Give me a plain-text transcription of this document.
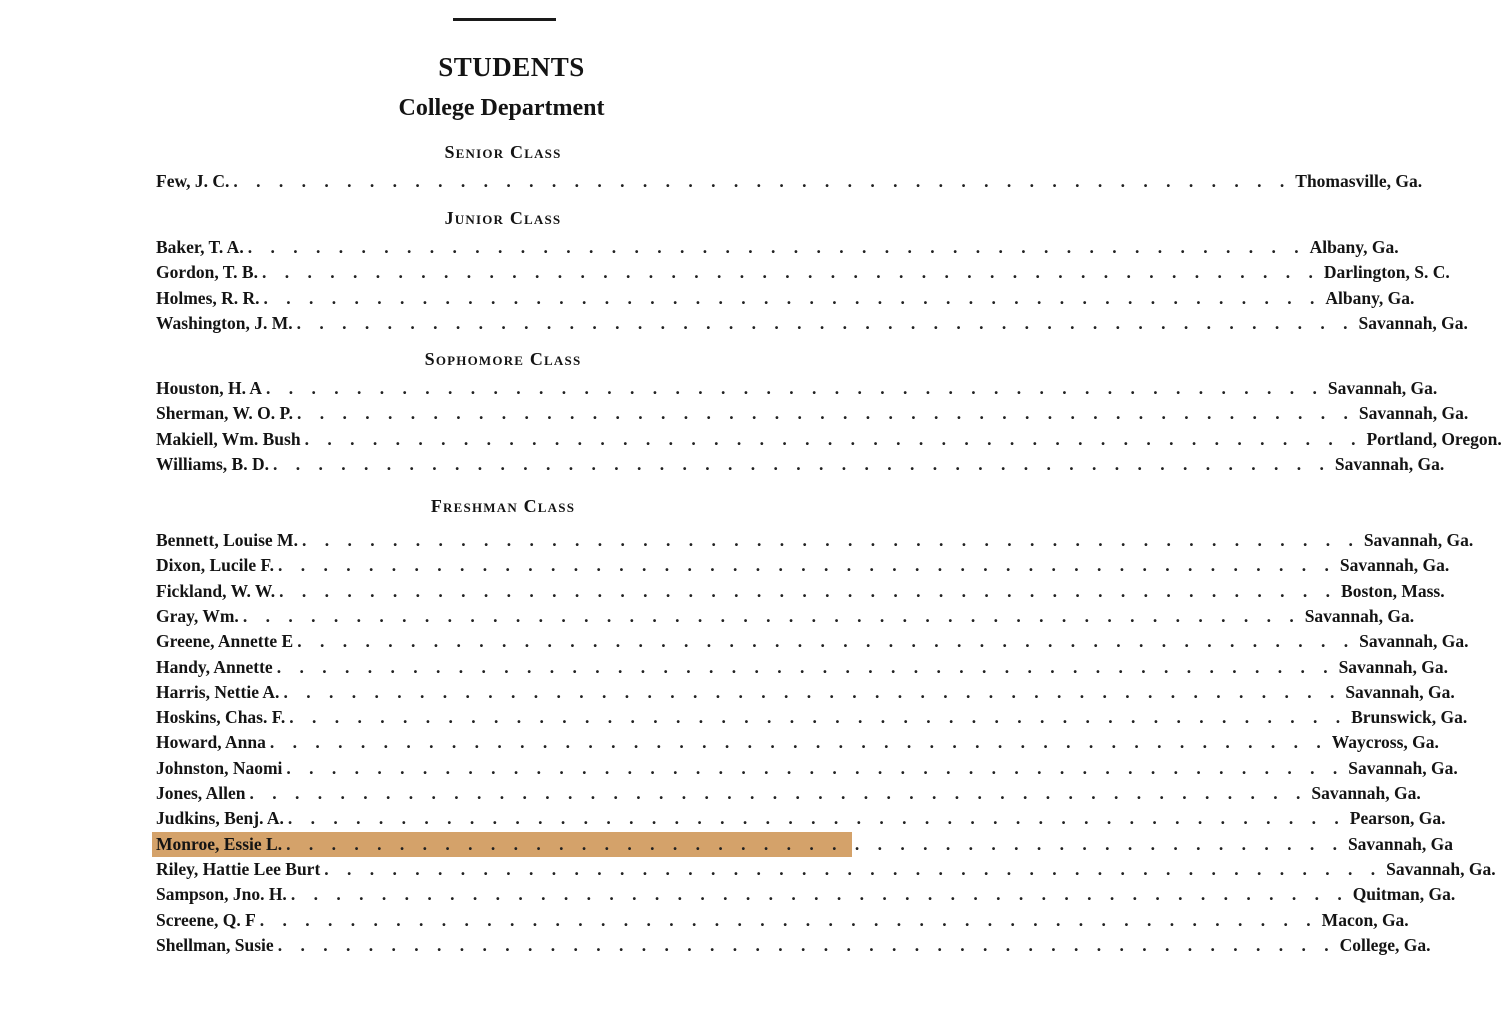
STUDENTS
College Department
Senior Class
Few, J. C. . . . . . . . . . . . . . . . . . . . . . . . . . . . . . . . . . . . . . . . . . . . . . . . Thomasville, Ga.
Junior Class
Baker, T. A. . . . . . . . . . . . . . . . . . . . . . . . . . . . . . . . . . . . . . . . . . . . . . . . Albany, Ga.
Gordon, T. B. . . . . . . . . . . . . . . . . . . . . . . . . . . . . . . . . . . . . . . . . . . . . . . . Darlington, S. C.
Holmes, R. R. . . . . . . . . . . . . . . . . . . . . . . . . . . . . . . . . . . . . . . . . . . . . . . . Albany, Ga.
Washington, J. M. . . . . . . . . . . . . . . . . . . . . . . . . . . . . . . . . . . . . . . . . . . . . . . . Savannah, Ga.
Sophomore Class
Houston, H. A . . . . . . . . . . . . . . . . . . . . . . . . . . . . . . . . . . . . . . . . . . . . . . . Savannah, Ga.
Sherman, W. O. P. . . . . . . . . . . . . . . . . . . . . . . . . . . . . . . . . . . . . . . . . . . . . . . . Savannah, Ga.
Makiell, Wm. Bush . . . . . . . . . . . . . . . . . . . . . . . . . . . . . . . . . . . . . . . . . . . . . . . Portland, Oregon.
Williams, B. D. . . . . . . . . . . . . . . . . . . . . . . . . . . . . . . . . . . . . . . . . . . . . . . . Savannah, Ga.
Freshman Class
Bennett, Louise M. . . . . . . . . . . . . . . . . . . . . . . . . . . . . . . . . . . . . . . . . . . . . . . . Savannah, Ga.
Dixon, Lucile F. . . . . . . . . . . . . . . . . . . . . . . . . . . . . . . . . . . . . . . . . . . . . . . . Savannah, Ga.
Fickland, W. W. . . . . . . . . . . . . . . . . . . . . . . . . . . . . . . . . . . . . . . . . . . . . . . . Boston, Mass.
Gray, Wm. . . . . . . . . . . . . . . . . . . . . . . . . . . . . . . . . . . . . . . . . . . . . . . . Savannah, Ga.
Greene, Annette E . . . . . . . . . . . . . . . . . . . . . . . . . . . . . . . . . . . . . . . . . . . . . . . Savannah, Ga.
Handy, Annette . . . . . . . . . . . . . . . . . . . . . . . . . . . . . . . . . . . . . . . . . . . . . . . Savannah, Ga.
Harris, Nettie A. . . . . . . . . . . . . . . . . . . . . . . . . . . . . . . . . . . . . . . . . . . . . . . . Savannah, Ga.
Hoskins, Chas. F. . . . . . . . . . . . . . . . . . . . . . . . . . . . . . . . . . . . . . . . . . . . . . . . Brunswick, Ga.
Howard, Anna . . . . . . . . . . . . . . . . . . . . . . . . . . . . . . . . . . . . . . . . . . . . . . . Waycross, Ga.
Johnston, Naomi . . . . . . . . . . . . . . . . . . . . . . . . . . . . . . . . . . . . . . . . . . . . . . . Savannah, Ga.
Jones, Allen . . . . . . . . . . . . . . . . . . . . . . . . . . . . . . . . . . . . . . . . . . . . . . . Savannah, Ga.
Judkins, Benj. A. . . . . . . . . . . . . . . . . . . . . . . . . . . . . . . . . . . . . . . . . . . . . . . . Pearson, Ga.
Monroe, Essie L. . . . . . . . . . . . . . . . . . . . . . . . . . . . . . . . . . . . . . . . . . . . . . . . Savannah, Ga
Riley, Hattie Lee Burt . . . . . . . . . . . . . . . . . . . . . . . . . . . . . . . . . . . . . . . . . . . . . . . Savannah, Ga.
Sampson, Jno. H. . . . . . . . . . . . . . . . . . . . . . . . . . . . . . . . . . . . . . . . . . . . . . . . Quitman, Ga.
Screene, Q. F . . . . . . . . . . . . . . . . . . . . . . . . . . . . . . . . . . . . . . . . . . . . . . . Macon, Ga.
Shellman, Susie . . . . . . . . . . . . . . . . . . . . . . . . . . . . . . . . . . . . . . . . . . . . . . . College, Ga.
